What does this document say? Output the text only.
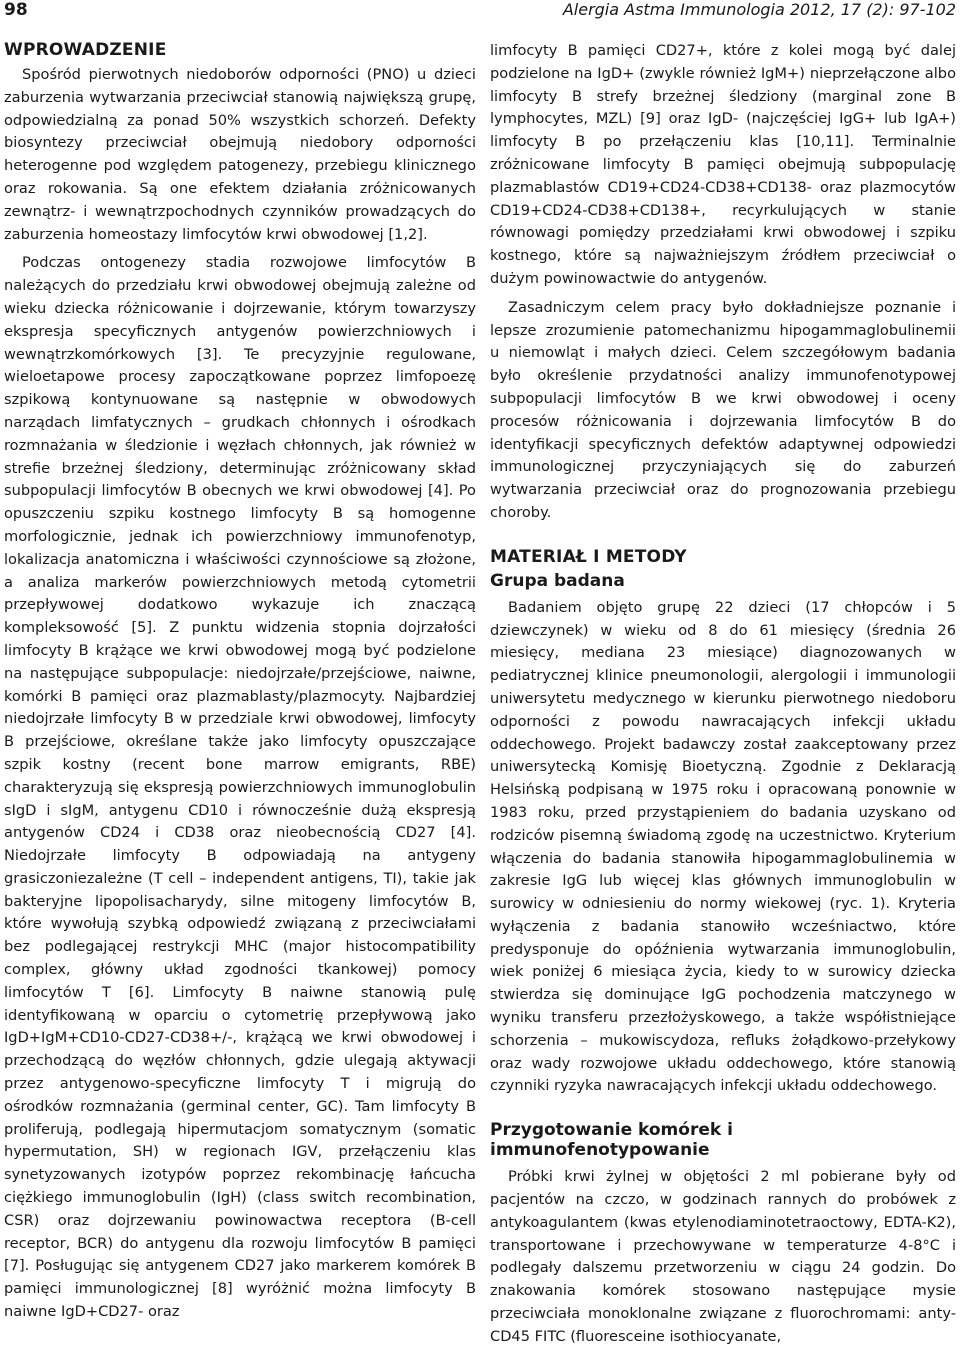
98	Alergia Astma Immunologia 2012, 17 (2): 97-102
WPROWADZENIE

Spośród pierwotnych niedoborów odporności (PNO) u dzieci zaburzenia wytwarzania przeciwciał stanowią największą grupę, odpowiedzialną za ponad 50% wszystkich schorzeń. Defekty biosyntezy przeciwciał obejmują niedobory odporności heterogenne pod względem patogenezy, przebiegu klinicznego oraz rokowania. Są one efektem działania zróżnicowanych zewnątrz- i wewnątrzpochodnych czynników prowadzących do zaburzenia homeostazy limfocytów krwi obwodowej [1,2].

Podczas ontogenezy stadia rozwojowe limfocytów B należących do przedziału krwi obwodowej obejmują zależne od wieku dziecka różnicowanie i dojrzewanie, którym towarzyszy ekspresja specyficznych antygenów powierzchniowych i wewnątrzkomórkowych [3]. Te precyzyjnie regulowane, wieloetapowe procesy zapoczątkowane poprzez limfopoezę szpikową kontynuowane są następnie w obwodowych narządach limfatycznych – grudkach chłonnych i ośrodkach rozmnażania w śledzionie i węzłach chłonnych, jak również w strefie brzeżnej śledziony, determinując zróżnicowany skład subpopulacji limfocytów B obecnych we krwi obwodowej [4]. Po opuszczeniu szpiku kostnego limfocyty B są homogenne morfologicznie, jednak ich powierzchniowy immunofenotyp, lokalizacja anatomiczna i właściwości czynnościowe są złożone, a analiza markerów powierzchniowych metodą cytometrii przepływowej dodatkowo wykazuje ich znaczącą kompleksowość [5]. Z punktu widzenia stopnia dojrzałości limfocyty B krążące we krwi obwodowej mogą być podzielone na następujące subpopulacje: niedojrzałe/przejściowe, naiwne, komórki B pamięci oraz plazmablasty/plazmocyty. Najbardziej niedojrzałe limfocyty B w przedziale krwi obwodowej, limfocyty B przejściowe, określane także jako limfocyty opuszczające szpik kostny (recent bone marrow emigrants, RBE) charakteryzują się ekspresją powierzchniowych immunoglobulin sIgD i sIgM, antygenu CD10 i równocześnie dużą ekspresją antygenów CD24 i CD38 oraz nieobecnością CD27 [4]. Niedojrzałe limfocyty B odpowiadają na antygeny grasiczoniezależne (T cell – independent antigens, TI), takie jak bakteryjne lipopolisacharydy, silne mitogeny limfocytów B, które wywołują szybką odpowiedź związaną z przeciwciałami bez podlegającej restrykcji MHC (major histocompatibility complex, główny układ zgodności tkankowej) pomocy limfocytów T [6]. Limfocyty B naiwne stanowią pulę identyfikowaną w oparciu o cytometrię przepływową jako IgD+IgM+CD10-CD27-CD38+/-, krążącą we krwi obwodowej i przechodzącą do węzłów chłonnych, gdzie ulegają aktywacji przez antygenowo-specyficzne limfocyty T i migrują do ośrodków rozmnażania (germinal center, GC). Tam limfocyty B proliferują, podlegają hipermutacjom somatycznym (somatic hypermutation, SH) w regionach IGV, przełączeniu klas synetyzowanych izotypów poprzez rekombinację łańcucha ciężkiego immunoglobulin (IgH) (class switch recombination, CSR) oraz dojrzewaniu powinowactwa receptora (B-cell receptor, BCR) do antygenu dla rozwoju limfocytów B pamięci [7]. Posługując się antygenem CD27 jako markerem komórek B pamięci immunologicznej [8] wyróżnić można limfocyty B naiwne IgD+CD27- oraz

limfocyty B pamięci CD27+, które z kolei mogą być dalej podzielone na IgD+ (zwykle również IgM+) nieprzełączone albo limfocyty B strefy brzeżnej śledziony (marginal zone B lymphocytes, MZL) [9] oraz IgD- (najczęściej IgG+ lub IgA+) limfocyty B po przełączeniu klas [10,11]. Terminalnie zróżnicowane limfocyty B pamięci obejmują subpopulację plazmablastów CD19+CD24-CD38+CD138- oraz plazmocytów CD19+CD24-CD38+CD138+, recyrkulujących w stanie równowagi pomiędzy przedziałami krwi obwodowej i szpiku kostnego, które są najważniejszym źródłem przeciwciał o dużym powinowactwie do antygenów.

Zasadniczym celem pracy było dokładniejsze poznanie i lepsze zrozumienie patomechanizmu hipogammaglobulinemii u niemowląt i małych dzieci. Celem szczegółowym badania było określenie przydatności analizy immunofenotypowej subpopulacji limfocytów B we krwi obwodowej i oceny procesów różnicowania i dojrzewania limfocytów B do identyfikacji specyficznych defektów adaptywnej odpowiedzi immunologicznej przyczyniających się do zaburzeń wytwarzania przeciwciał oraz do prognozowania przebiegu choroby.

MATERIAŁ I METODY
Grupa badana

Badaniem objęto grupę 22 dzieci (17 chłopców i 5 dziewczynek) w wieku od 8 do 61 miesięcy (średnia 26 miesięcy, mediana 23 miesiące) diagnozowanych w pediatrycznej klinice pneumonologii, alergologii i immunologii uniwersytetu medycznego w kierunku pierwotnego niedoboru odporności z powodu nawracających infekcji układu oddechowego. Projekt badawczy został zaakceptowany przez uniwersytecką Komisję Bioetyczną. Zgodnie z Deklaracją Helsińską podpisaną w 1975 roku i opracowaną ponownie w 1983 roku, przed przystąpieniem do badania uzyskano od rodziców pisemną świadomą zgodę na uczestnictwo. Kryterium włączenia do badania stanowiła hipogammaglobulinemia w zakresie IgG lub więcej klas głównych immunoglobulin w surowicy w odniesieniu do normy wiekowej (ryc. 1). Kryteria wyłączenia z badania stanowiło wcześniactwo, które predysponuje do opóźnienia wytwarzania immunoglobulin, wiek poniżej 6 miesiąca życia, kiedy to w surowicy dziecka stwierdza się dominujące IgG pochodzenia matczynego w wyniku transferu przezłożyskowego, a także współistniejące schorzenia – mukowiscydoza, refluks żołądkowo-przełykowy oraz wady rozwojowe układu oddechowego, które stanowią czynniki ryzyka nawracających infekcji układu oddechowego.

Przygotowanie komórek i immunofenotypowanie

Próbki krwi żylnej w objętości 2 ml pobierane były od pacjentów na czczo, w godzinach rannych do probówek z antykoagulantem (kwas etylenodiaminotetraoctowy, EDTA-K2), transportowane i przechowywane w temperaturze 4-8°C i podlegały dalszemu przetworzeniu w ciągu 24 godzin. Do znakowania komórek stosowano następujące mysie przeciwciała monoklonalne związane z fluorochromami: anty-CD45 FITC (fluoresceine isothiocyanate,
